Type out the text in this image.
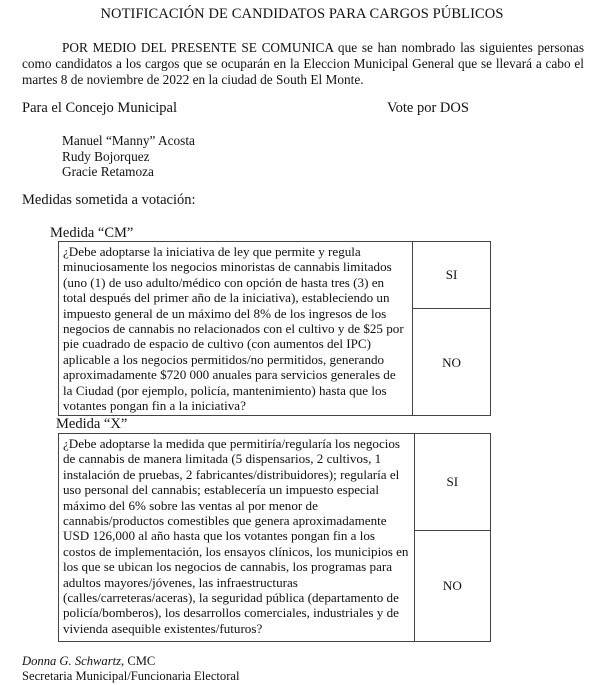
NOTIFICACIÓN DE CANDIDATOS PARA CARGOS PÚBLICOS
POR MEDIO DEL PRESENTE SE COMUNICA que se han nombrado las siguientes personas como candidatos a los cargos que se ocuparán en la Eleccion Municipal General que se llevará a cabo el martes 8 de noviembre de 2022 en la ciudad de South El Monte.
Para el Concejo Municipal	Vote por DOS
Manuel “Manny” Acosta
Rudy Bojorquez
Gracie Retamoza
Medidas sometida a votación:
Medida “CM”
¿Debe adoptarse la iniciativa de ley que permite y regula minuciosamente los negocios minoristas de cannabis limitados (uno (1) de uso adulto/médico con opción de hasta tres (3) en total después del primer año de la iniciativa), estableciendo un impuesto general de un máximo del 8% de los ingresos de los negocios de cannabis no relacionados con el cultivo y de $25 por pie cuadrado de espacio de cultivo (con aumentos del IPC) aplicable a los negocios permitidos/no permitidos, generando aproximadamente $720 000 anuales para servicios generales de la Ciudad (por ejemplo, policía, mantenimiento) hasta que los votantes pongan fin a la iniciativa?	SI
NO
Medida “X”
¿Debe adoptarse la medida que permitiría/regularía los negocios de cannabis de manera limitada (5 dispensarios, 2 cultivos, 1 instalación de pruebas, 2 fabricantes/distribuidores); regularía el uso personal del cannabis; establecería un impuesto especial máximo del 6% sobre las ventas al por menor de cannabis/productos comestibles que genera aproximadamente USD 126,000 al año hasta que los votantes pongan fin a los costos de implementación, los ensayos clínicos, los municipios en los que se ubican los negocios de cannabis, los programas para adultos mayores/jóvenes, las infraestructuras (calles/carreteras/aceras), la seguridad pública (departamento de policía/bomberos), los desarrollos comerciales, industriales y de vivienda asequible existentes/futuros?	SI
NO
Donna G. Schwartz, CMC
Secretaria Municipal/Funcionaria Electoral
